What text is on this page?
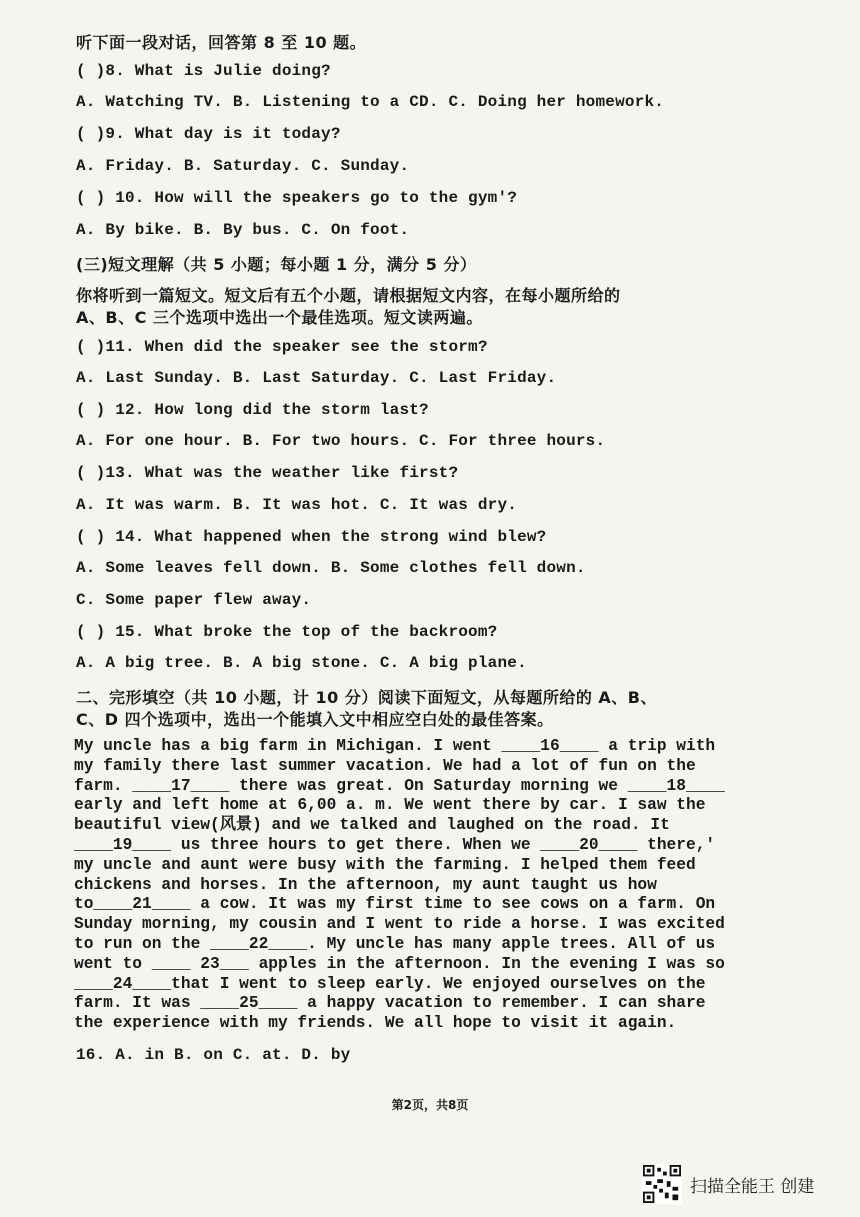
听下面一段对话，回答第 8 至 10 题。
( )8. What is Julie doing?
A. Watching TV. B. Listening to a CD. C. Doing her homework.
( )9. What day is it today?
A. Friday. B. Saturday. C. Sunday.
( ) 10. How will the speakers go to the gym'?
A. By bike. B. By bus. C. On foot.
(三)短文理解（共 5 小题；每小题 1 分，满分 5 分）
你将听到一篇短文。短文后有五个小题，请根据短文内容，在每小题所给的
A、B、C 三个选项中选出一个最佳选项。短文读两遍。
( )11. When did the speaker see the storm?
A. Last Sunday. B. Last Saturday. C. Last Friday.
( ) 12. How long did the storm last?
A. For one hour. B. For two hours. C. For three hours.
( )13. What was the weather like first?
A. It was warm. B. It was hot. C. It was dry.
( ) 14. What happened when the strong wind blew?
A. Some leaves fell down. B. Some clothes fell down.
C. Some paper flew away.
( ) 15. What broke the top of the backroom?
A. A big tree. B. A big stone. C. A big plane.
二、完形填空（共 10 小题，计 10 分）阅读下面短文，从每题所给的 A、B、
C、D 四个选项中，选出一个能填入文中相应空白处的最佳答案。
My uncle has a big farm in Michigan. I went ____16____ a trip with
my family there last summer vacation. We had a lot of fun on the
farm. ____17____ there was great. On Saturday morning we ____18____
early and left home at 6,00 a. m. We went there by car. I saw the
beautiful view(风景) and we talked and laughed on the road. It
____19____ us three hours to get there. When we ____20____ there,'
my uncle and aunt were busy with the farming. I helped them feed
chickens and horses. In the afternoon, my aunt taught us how
to____21____ a cow. It was my first time to see cows on a farm. On
Sunday morning, my cousin and I went to ride a horse. I was excited
to run on the ____22____. My uncle has many apple trees. All of us
went to ____ 23___ apples in the afternoon. In the evening I was so
____24____that I went to sleep early. We enjoyed ourselves on the
farm. It was ____25____ a happy vacation to remember. I can share
the experience with my friends. We all hope to visit it again.
16. A. in B. on C. at. D. by
第2页，共8页
扫描全能王 创建
